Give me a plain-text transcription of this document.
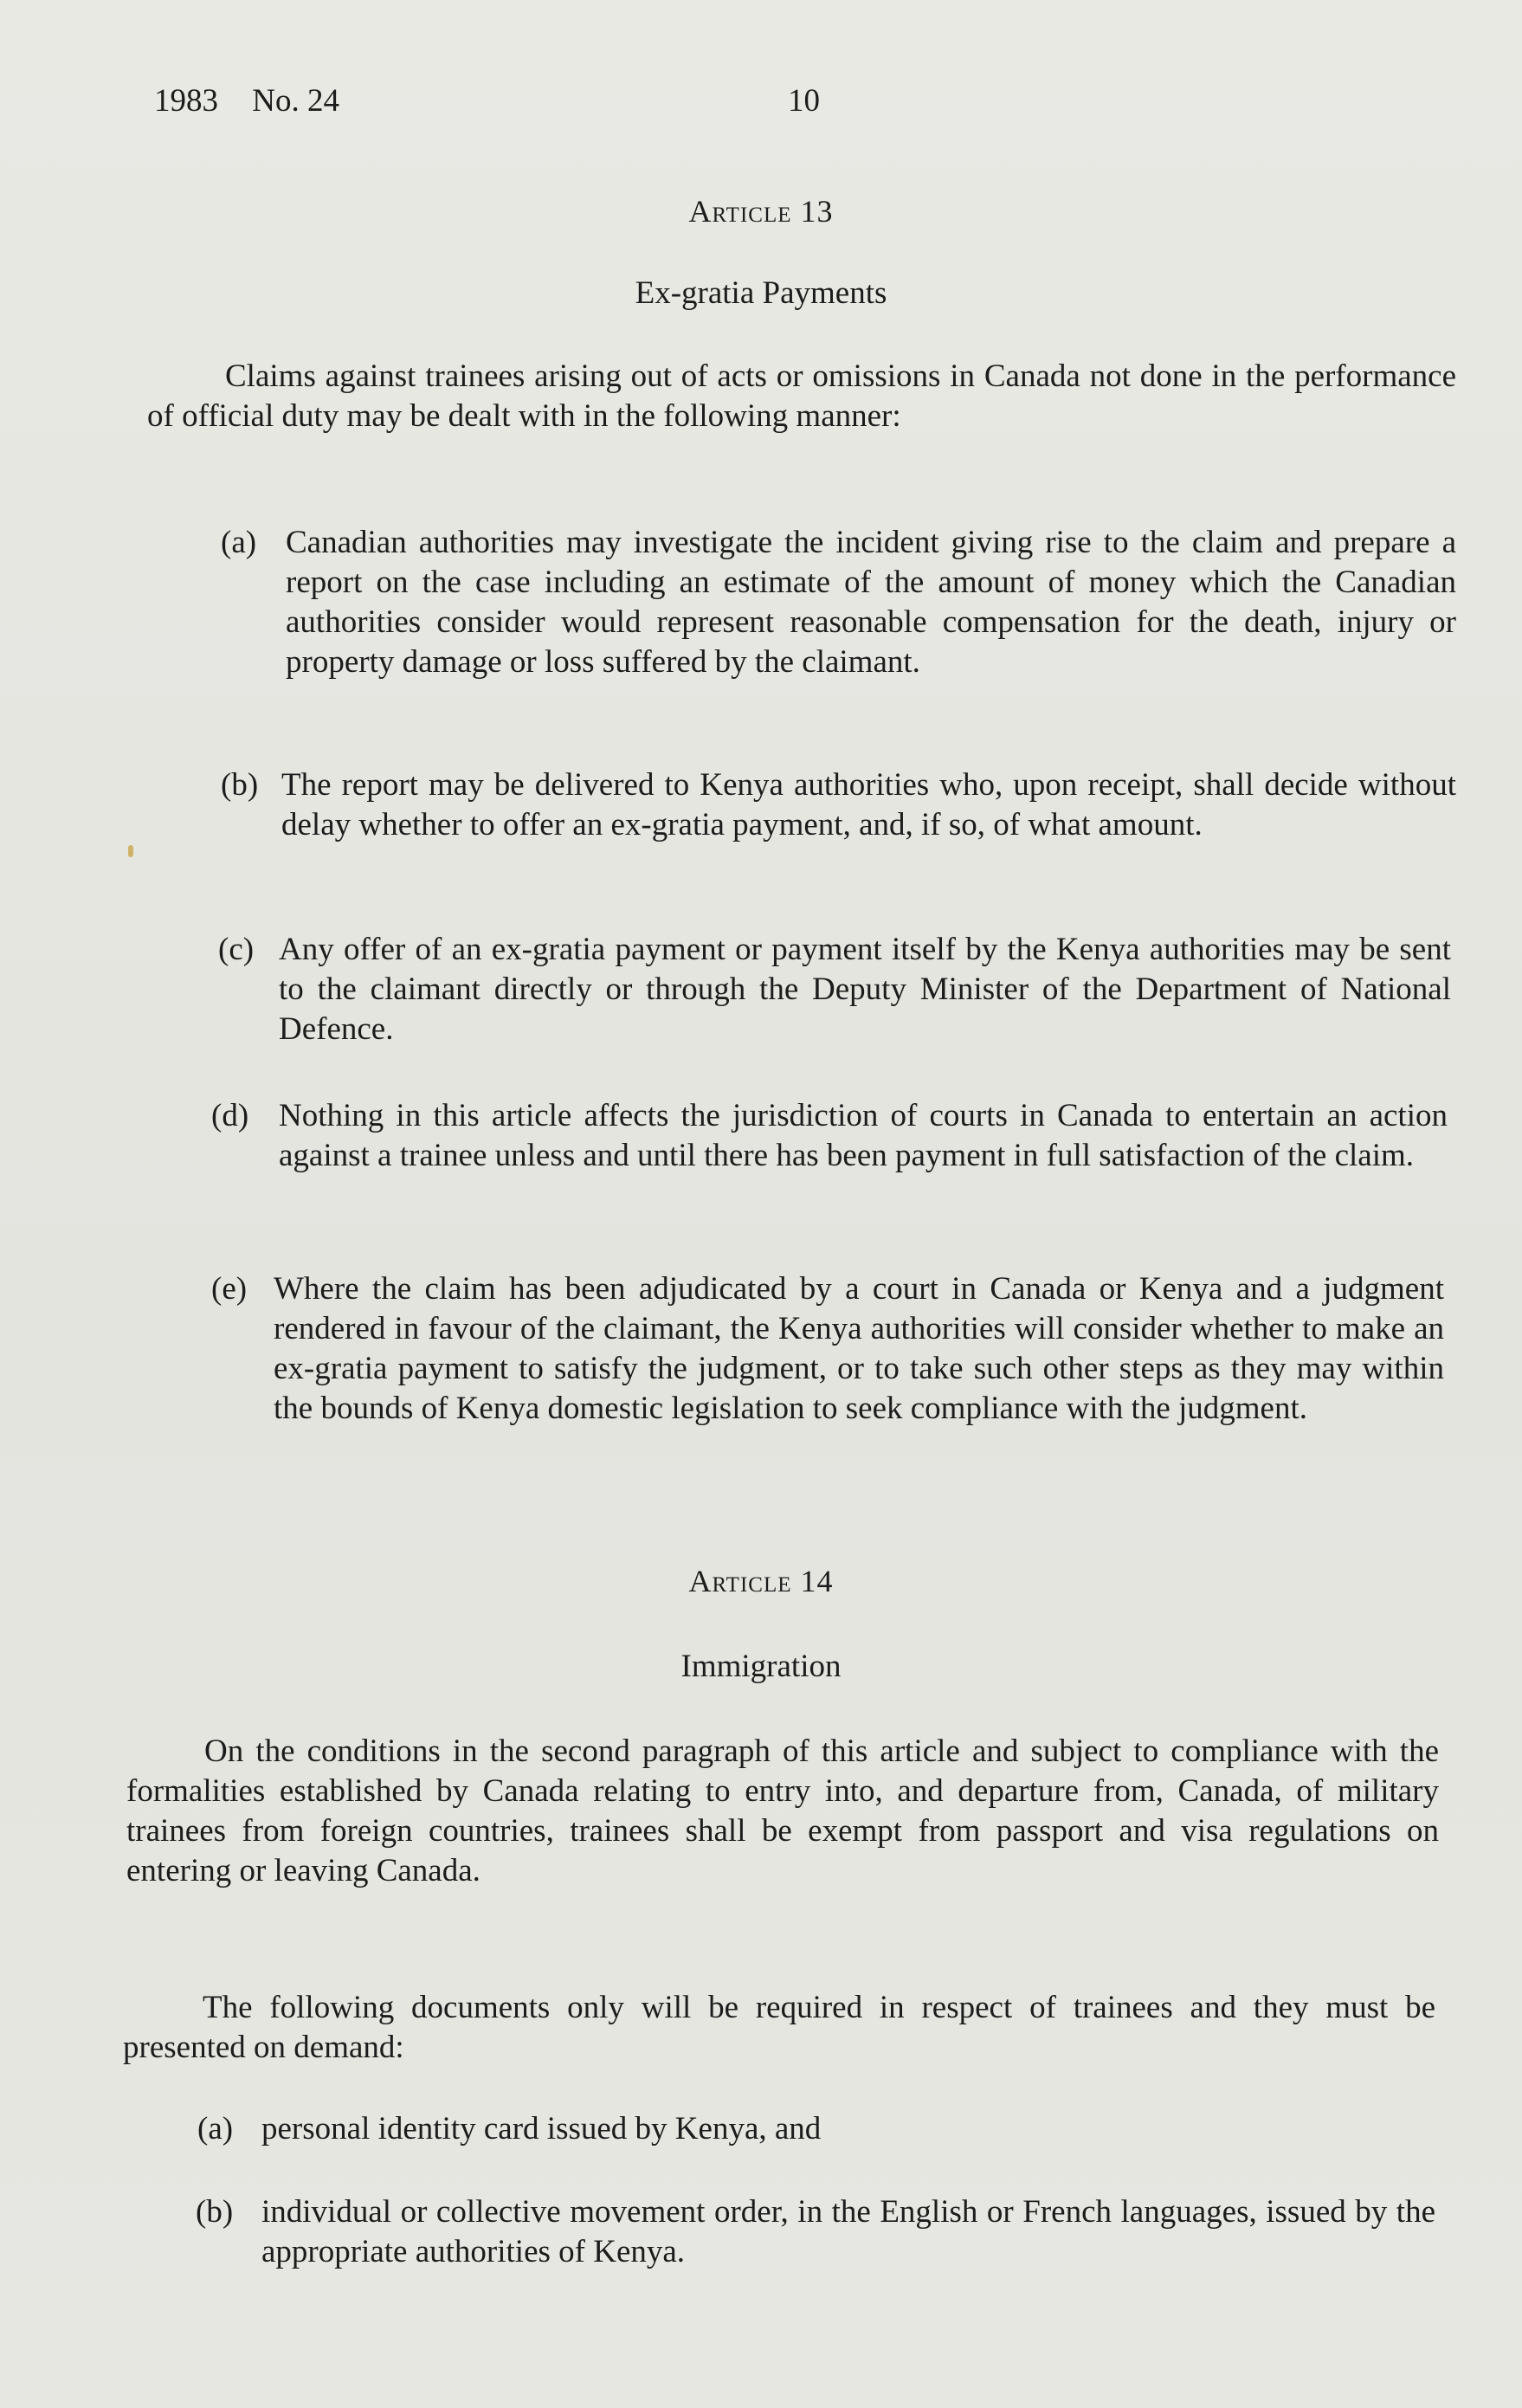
1983 No. 24	10
Article 13
Ex-gratia Payments

Claims against trainees arising out of acts or omissions in Canada not done in the performance of official duty may be dealt with in the following manner:

(a) Canadian authorities may investigate the incident giving rise to the claim and prepare a report on the case including an estimate of the amount of money which the Canadian authorities consider would represent reasonable compensation for the death, injury or property damage or loss suffered by the claimant.

(b) The report may be delivered to Kenya authorities who, upon receipt, shall decide without delay whether to offer an ex-gratia payment, and, if so, of what amount.

(c) Any offer of an ex-gratia payment or payment itself by the Kenya authorities may be sent to the claimant directly or through the Deputy Minister of the Department of National Defence.

(d) Nothing in this article affects the jurisdiction of courts in Canada to entertain an action against a trainee unless and until there has been payment in full satisfaction of the claim.

(e) Where the claim has been adjudicated by a court in Canada or Kenya and a judgment rendered in favour of the claimant, the Kenya authorities will consider whether to make an ex-gratia payment to satisfy the judgment, or to take such other steps as they may within the bounds of Kenya domestic legislation to seek compliance with the judgment.

Article 14
Immigration

On the conditions in the second paragraph of this article and subject to compliance with the formalities established by Canada relating to entry into, and departure from, Canada, of military trainees from foreign countries, trainees shall be exempt from passport and visa regulations on entering or leaving Canada.

The following documents only will be required in respect of trainees and they must be presented on demand:

(a) personal identity card issued by Kenya, and

(b) individual or collective movement order, in the English or French languages, issued by the appropriate authorities of Kenya.
